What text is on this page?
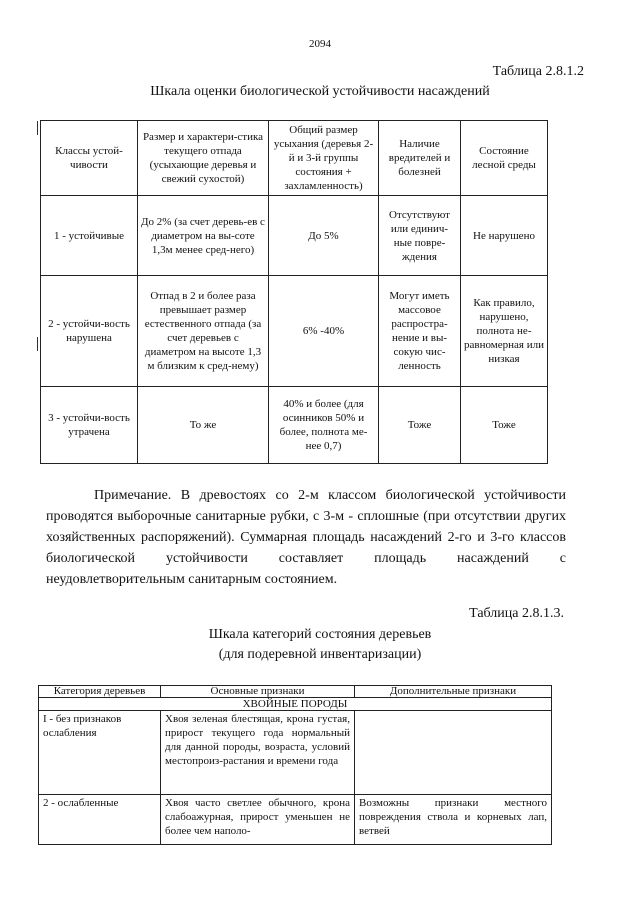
2094
Таблица 2.8.1.2
Шкала оценки биологической устойчивости насаждений
Классы устой-чивости	Размер и характери-стика текущего отпада (усыхающие деревья и свежий сухостой)	Общий размер усыхания (деревья 2-й и 3-й группы состояния + захламленность)	Наличие вредителей и болезней	Состояние лесной среды
1 - устойчивые	До 2% (за счет деревь-ев с диаметром на вы-соте 1,3м менее сред-него)	До 5%	Отсутствуют или единич-ные повре-ждения	Не нарушено
2 - устойчи-вость нарушена	Отпад в 2 и более раза превышает размер естественного отпада (за счет деревьев с диаметром на высоте 1,3 м близким к сред-нему)	6% -40%	Могут иметь массовое распростра-нение и вы-сокую чис-ленность	Как правило, нарушено, полнота не-равномерная или низкая
3 - устойчи-вость утрачена	То же	40% и более (для осинников 50% и более, полнота ме-нее 0,7)	Тоже	Тоже
Примечание. В древостоях со 2-м классом биологической устойчивости проводятся выборочные санитарные рубки, с 3-м - сплошные (при отсутствии других хозяйственных распоряжений). Суммарная площадь насаждений 2-го и 3-го классов биологической устойчивости составляет площадь насаждений с неудовлетворительным санитарным состоянием.
Таблица 2.8.1.3.
Шкала категорий состояния деревьев
(для подеревной инвентаризации)
Категория деревьев	Основные признаки	Дополнительные признаки
ХВОЙНЫЕ ПОРОДЫ		
I - без признаков ослабления	Хвоя зеленая блестящая, крона густая, прирост текущего года нормальный для данной породы, возраста, условий местопроиз-растания и времени года	
2 - ослабленные	Хвоя часто светлее обычного, крона слабоажурная, прирост уменьшен не более чем наполо-	Возможны признаки местного повреждения ствола и корневых лап, ветвей
